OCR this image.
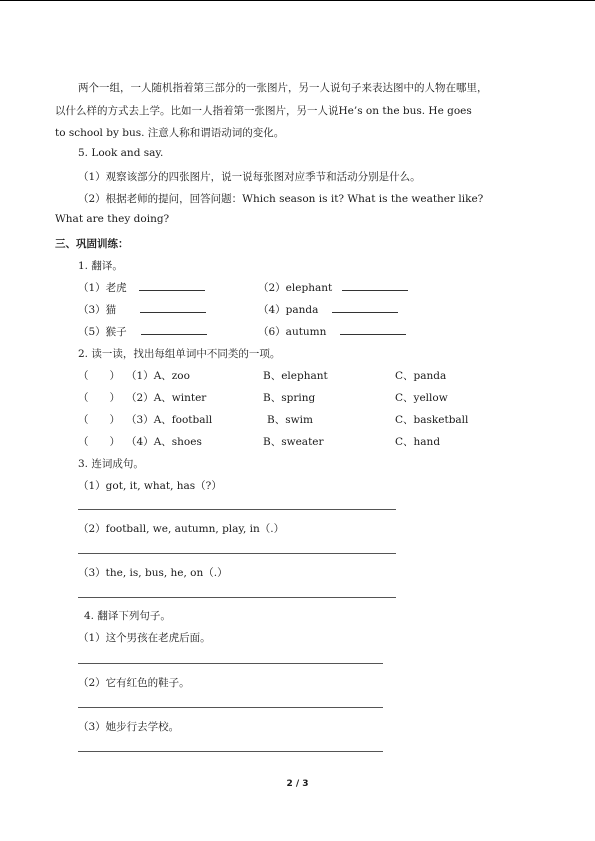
两个一组，一人随机指着第三部分的一张图片，另一人说句子来表达图中的人物在哪里，
以什么样的方式去上学。比如一人指着第一张图片，另一人说He’s on the bus. He goes
to school by bus. 注意人称和谓语动词的变化。
5. Look and say.
（1）观察该部分的四张图片，说一说每张图对应季节和活动分别是什么。
（2）根据老师的提问，回答问题：Which season is it? What is the weather like?
What are they doing?
三、巩固训练：
1. 翻译。
（1）老虎	（2）elephant
（3）猫	（4）panda
（5）猴子	（6）autumn
2. 读一读，找出每组单词中不同类的一项。
（　　） （1）A、zoo	B、elephant	C、panda
（　　） （2）A、winter	B、spring	C、yellow
（　　） （3）A、football	B、swim	C、basketball
（　　） （4）A、shoes	B、sweater	C、hand
3. 连词成句。
（1）got, it, what, has（?）
（2）football, we, autumn, play, in（.）
（3）the, is, bus, he, on（.）
4. 翻译下列句子。
（1）这个男孩在老虎后面。
（2）它有红色的鞋子。
（3）她步行去学校。
2 / 3
